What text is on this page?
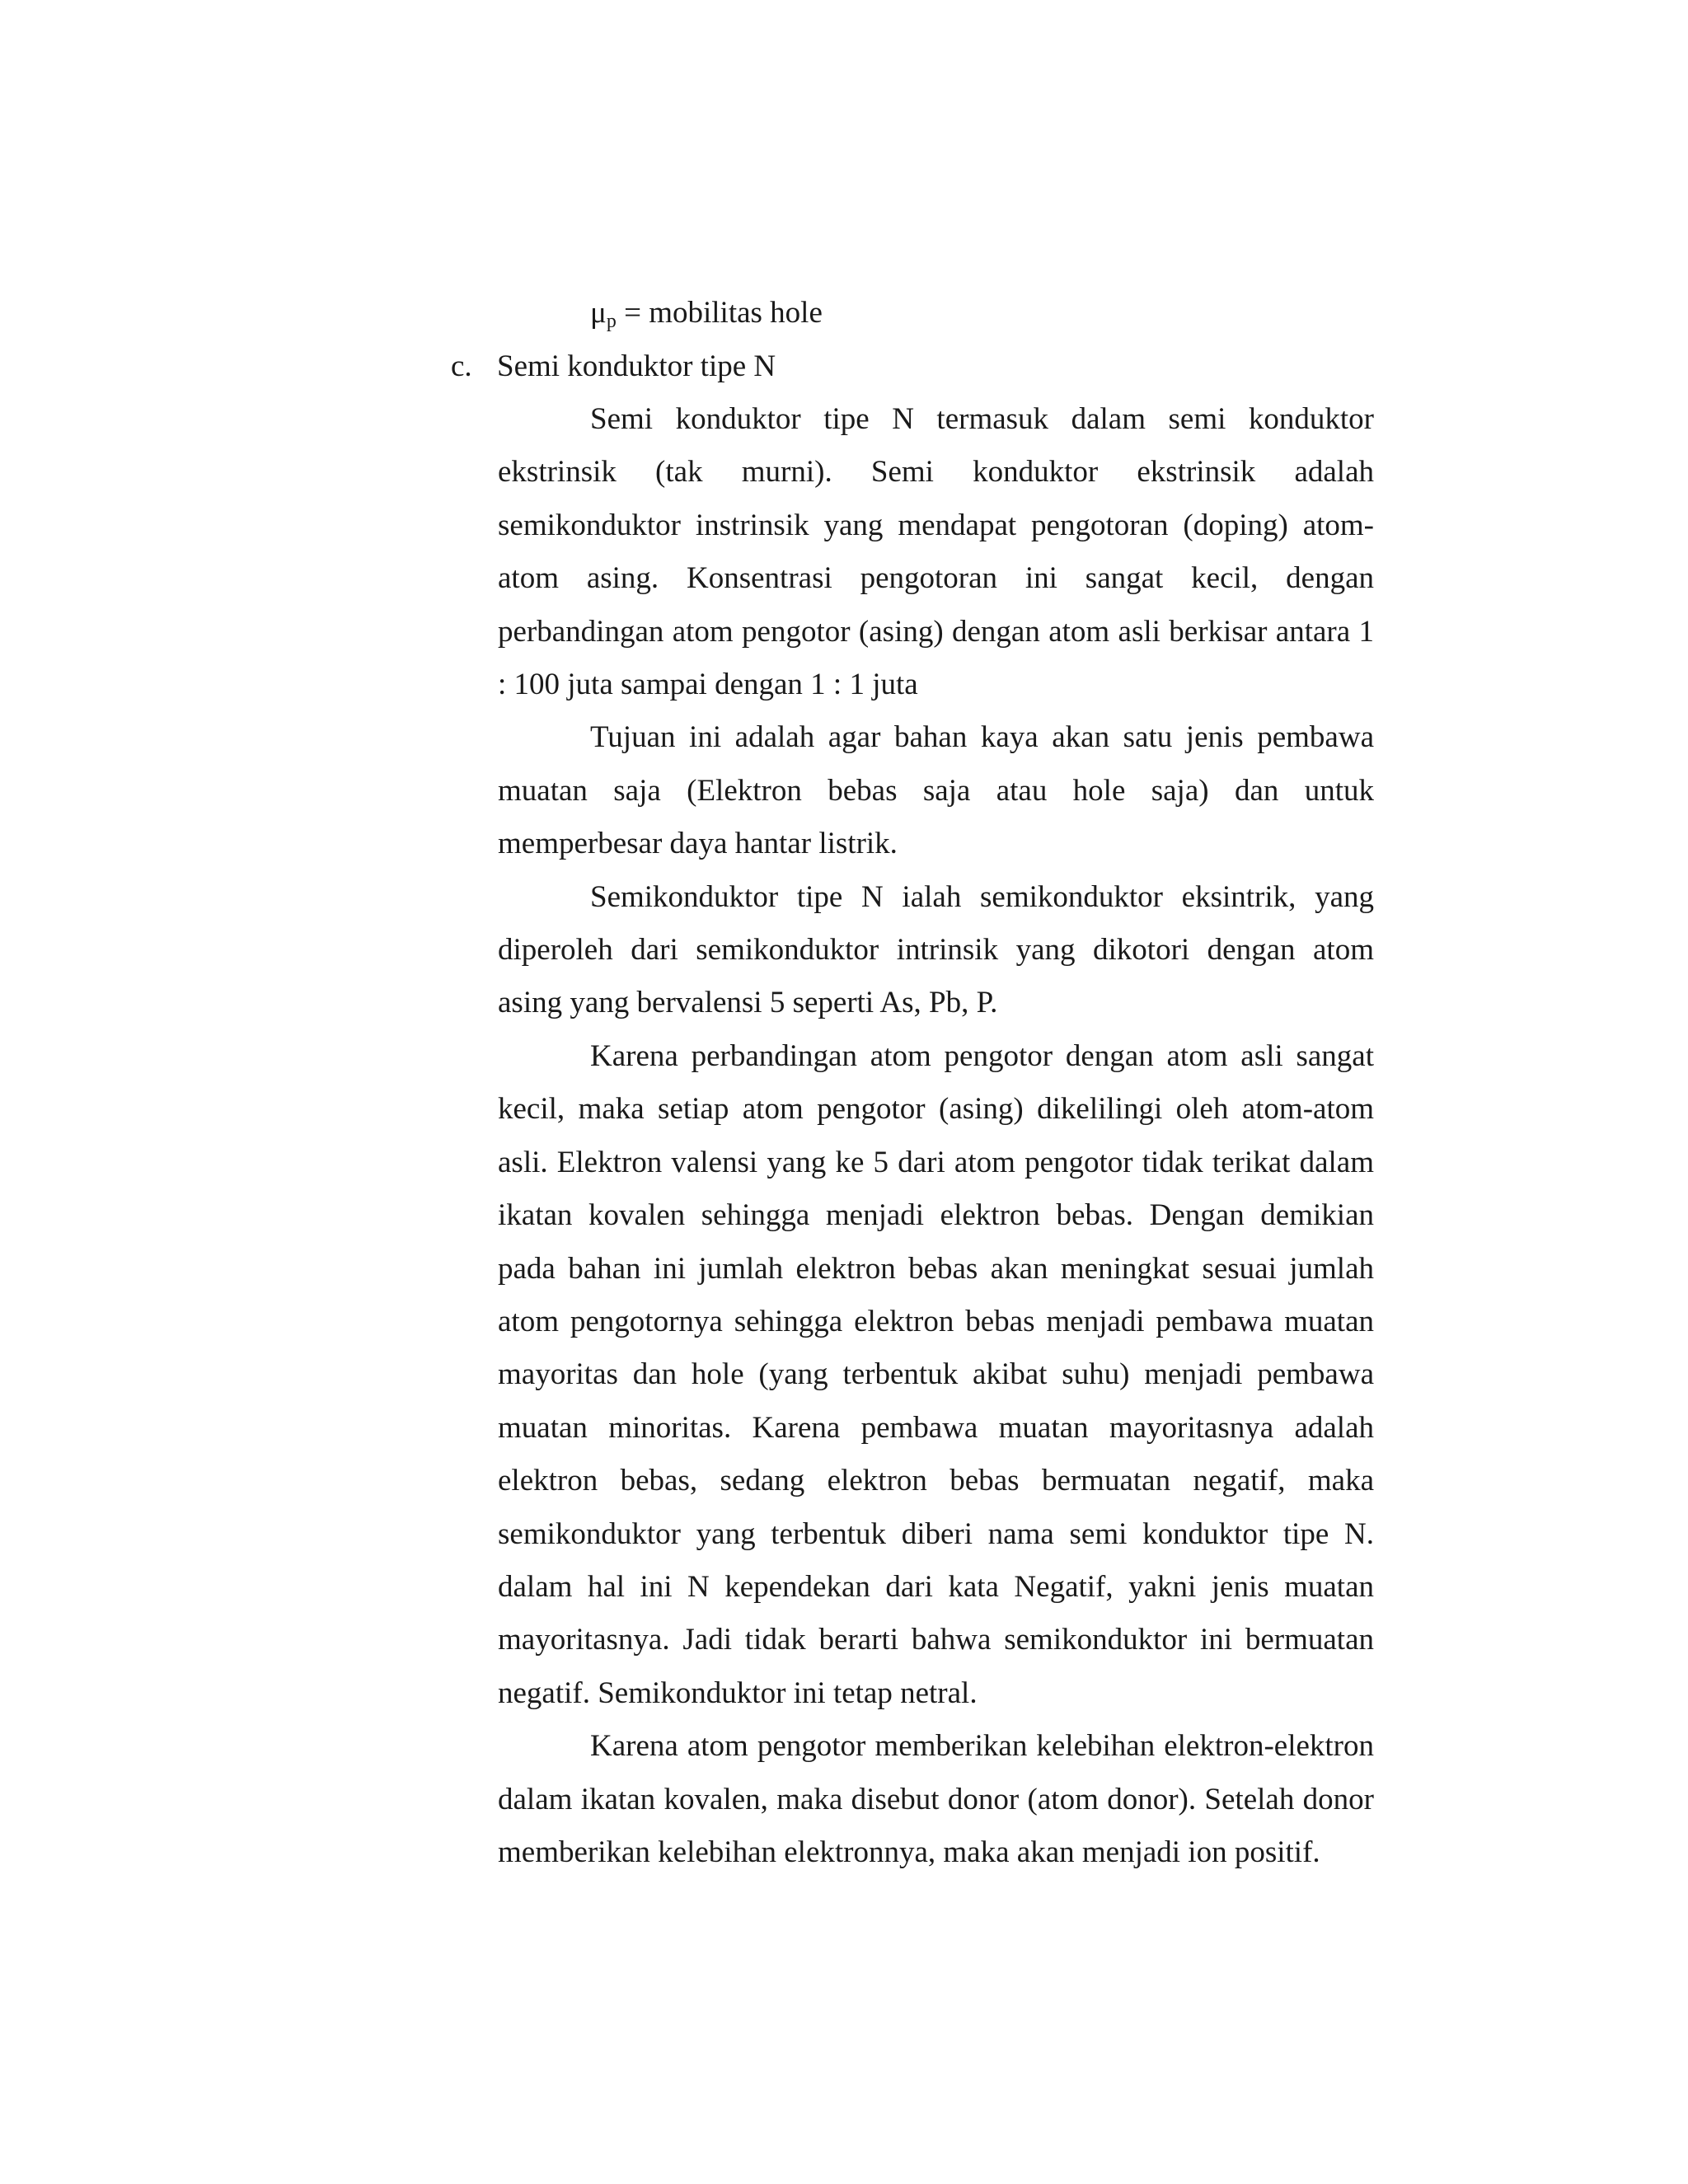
$\mu_p$ = mobilitas hole
c. Semi konduktor tipe N

Semi konduktor tipe N termasuk dalam semi konduktor ekstrinsik (tak murni). Semi konduktor ekstrinsik adalah semikonduktor instrinsik yang mendapat pengotoran (doping) atom-atom asing. Konsentrasi pengotoran ini sangat kecil, dengan perbandingan atom pengotor (asing) dengan atom asli berkisar antara 1 : 100 juta sampai dengan 1 : 1 juta

Tujuan ini adalah agar bahan kaya akan satu jenis pembawa muatan saja (Elektron bebas saja atau hole saja) dan untuk memperbesar daya hantar listrik.

Semikonduktor tipe N ialah semikonduktor eksintrik, yang diperoleh dari semikonduktor intrinsik yang dikotori dengan atom asing yang bervalensi 5 seperti As, Pb, P.

Karena perbandingan atom pengotor dengan atom asli sangat kecil, maka setiap atom pengotor (asing) dikelilingi oleh atom-atom asli. Elektron valensi yang ke 5 dari atom pengotor tidak terikat dalam ikatan kovalen sehingga menjadi elektron bebas. Dengan demikian pada bahan ini jumlah elektron bebas akan meningkat sesuai jumlah atom pengotornya sehingga elektron bebas menjadi pembawa muatan mayoritas dan hole (yang terbentuk akibat suhu) menjadi pembawa muatan minoritas. Karena pembawa muatan mayoritasnya adalah elektron bebas, sedang elektron bebas bermuatan negatif, maka semikonduktor yang terbentuk diberi nama semi konduktor tipe N. dalam hal ini N kependekan dari kata Negatif, yakni jenis muatan mayoritasnya. Jadi tidak berarti bahwa semikonduktor ini bermuatan negatif. Semikonduktor ini tetap netral.

Karena atom pengotor memberikan kelebihan elektron-elektron dalam ikatan kovalen, maka disebut donor (atom donor). Setelah donor memberikan kelebihan elektronnya, maka akan menjadi ion positif.
